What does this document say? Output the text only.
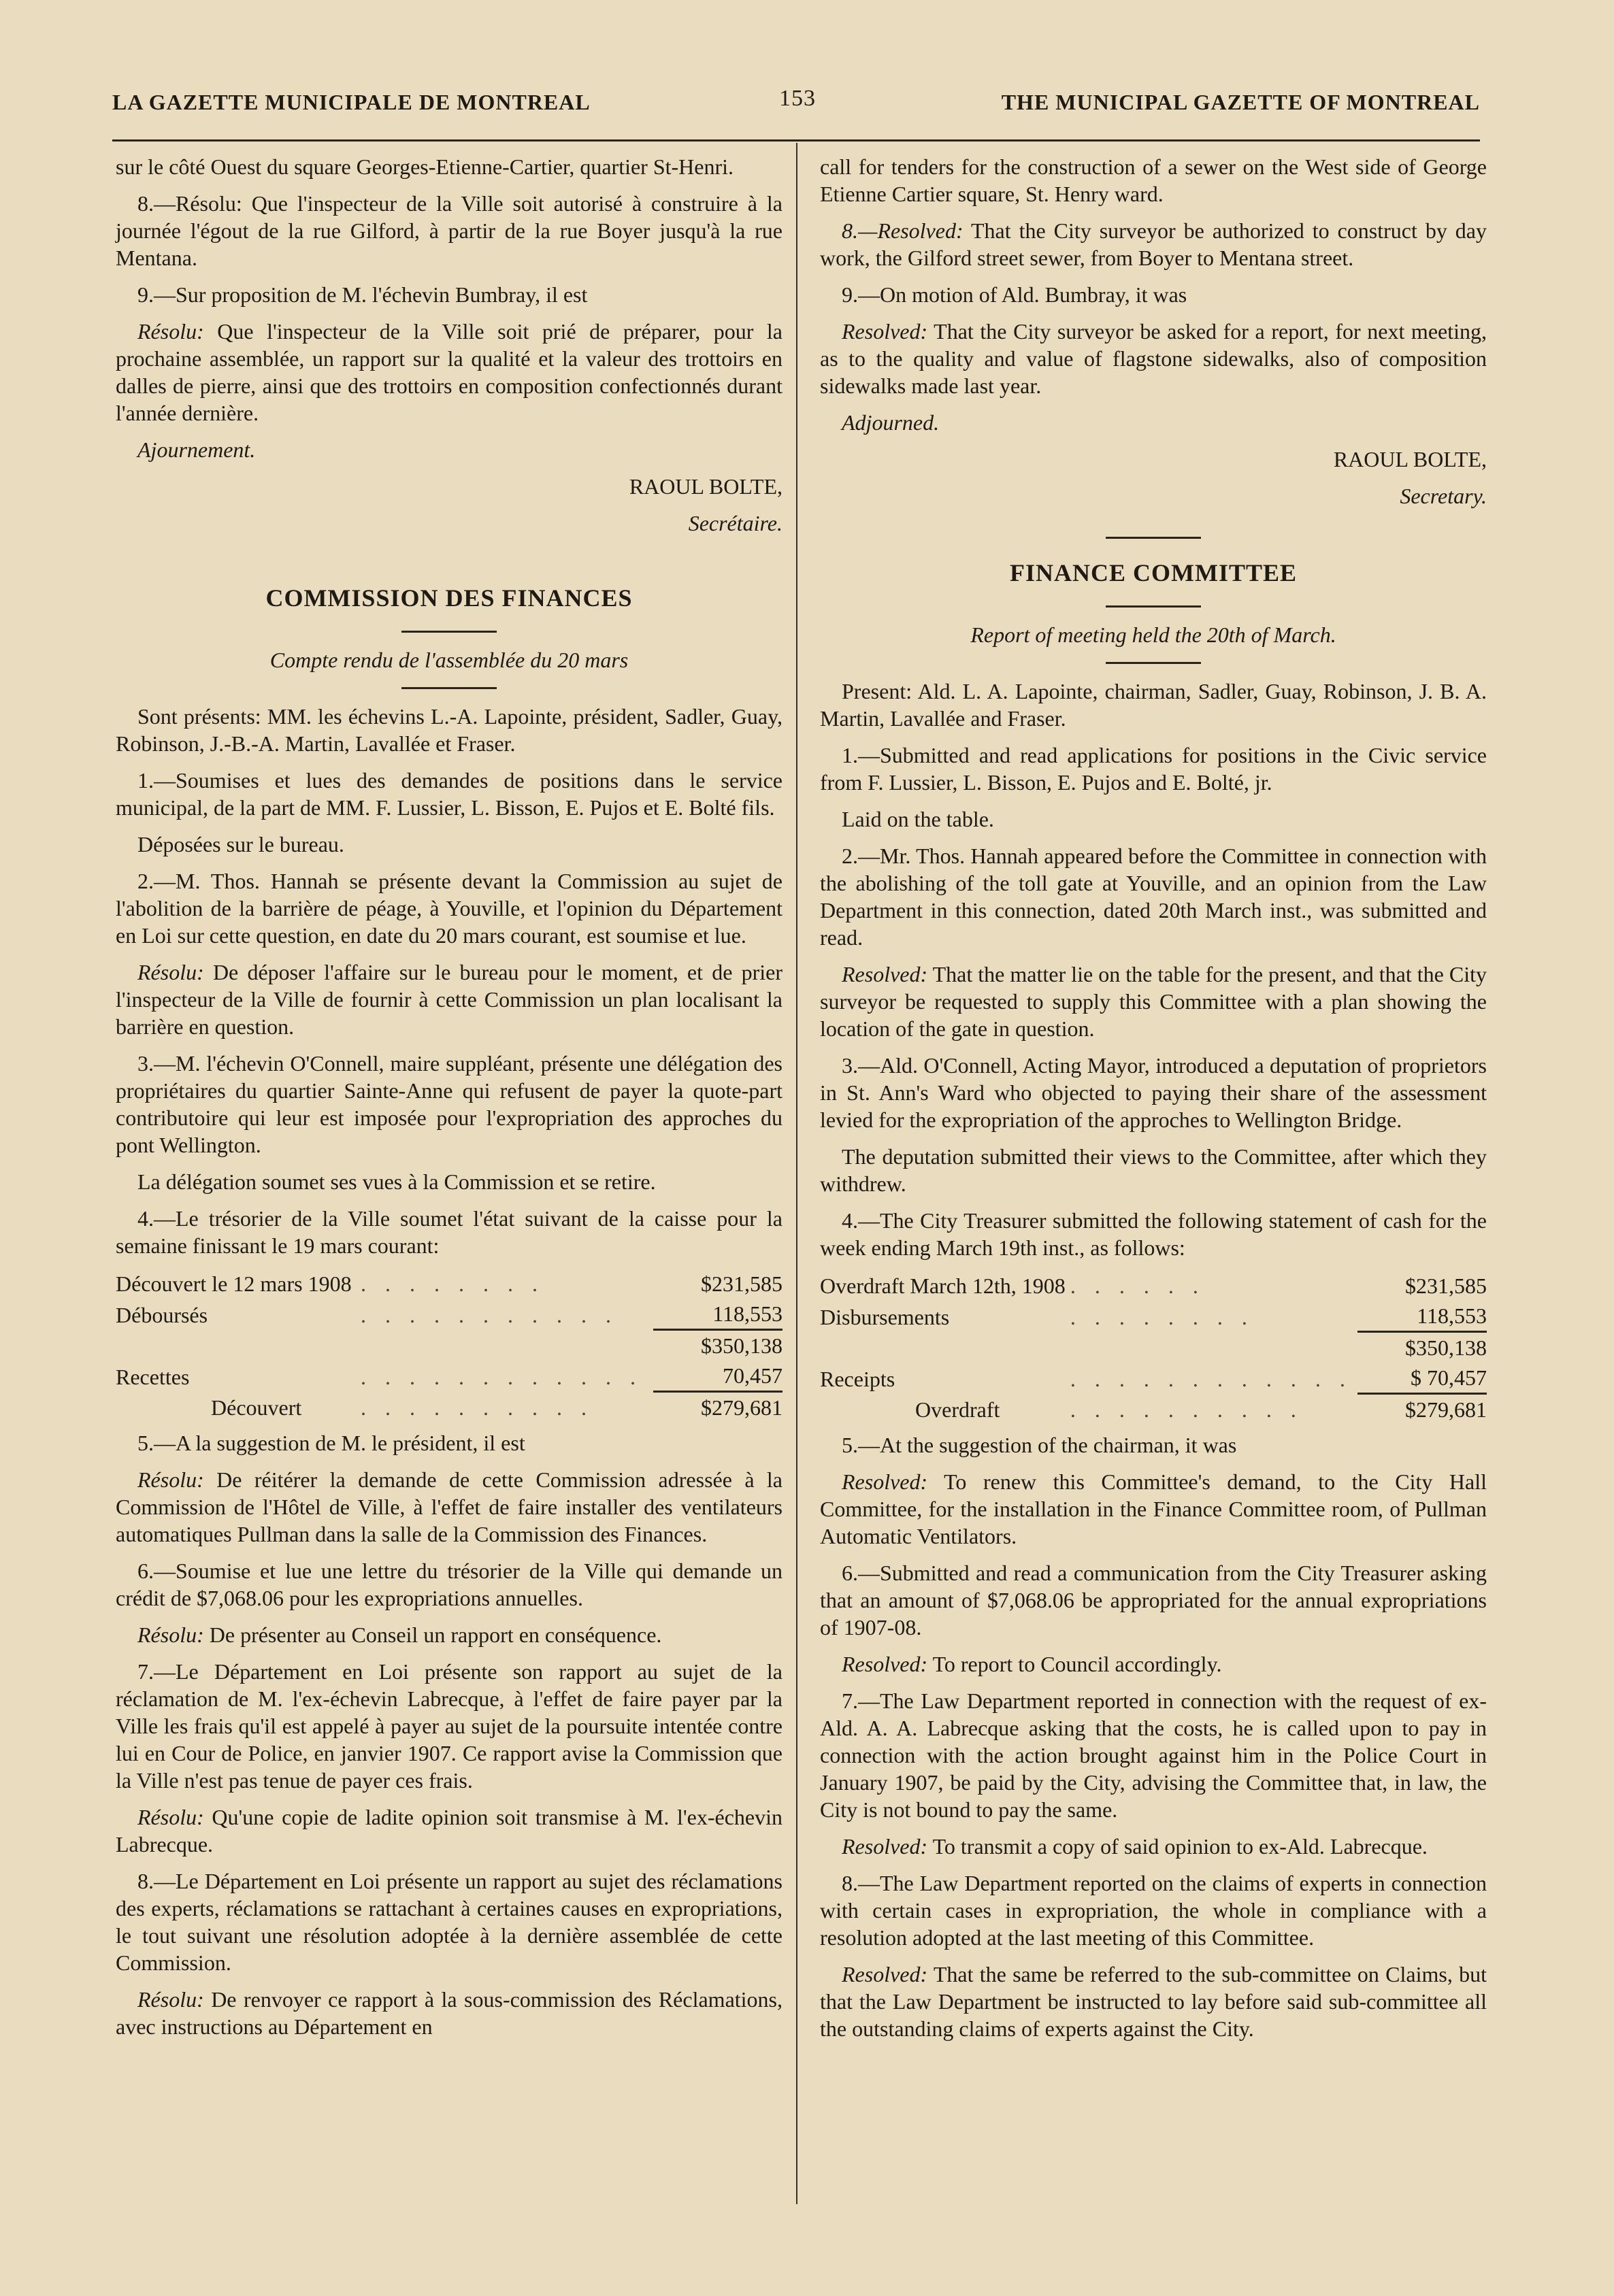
LA GAZETTE MUNICIPALE DE MONTREAL	153	THE MUNICIPAL GAZETTE OF MONTREAL

sur le côté Ouest du square Georges-Etienne-Cartier, quartier St-Henri.

8.—Résolu: Que l'inspecteur de la Ville soit autorisé à construire à la journée l'égout de la rue Gilford, à partir de la rue Boyer jusqu'à la rue Mentana.

9.—Sur proposition de M. l'échevin Bumbray, il est

Résolu: Que l'inspecteur de la Ville soit prié de préparer, pour la prochaine assemblée, un rapport sur la qualité et la valeur des trottoirs en dalles de pierre, ainsi que des trottoirs en composition confectionnés durant l'année dernière.

Ajournement.

RAOUL BOLTE,

Secrétaire.

COMMISSION DES FINANCES
Compte rendu de l'assemblée du 20 mars

Sont présents: MM. les échevins L.-A. Lapointe, président, Sadler, Guay, Robinson, J.-B.-A. Martin, Lavallée et Fraser.

1.—Soumises et lues des demandes de positions dans le service municipal, de la part de MM. F. Lussier, L. Bisson, E. Pujos et E. Bolté fils.

Déposées sur le bureau.

2.—M. Thos. Hannah se présente devant la Commission au sujet de l'abolition de la barrière de péage, à Youville, et l'opinion du Département en Loi sur cette question, en date du 20 mars courant, est soumise et lue.

Résolu: De déposer l'affaire sur le bureau pour le moment, et de prier l'inspecteur de la Ville de fournir à cette Commission un plan localisant la barrière en question.

3.—M. l'échevin O'Connell, maire suppléant, présente une délégation des propriétaires du quartier Sainte-Anne qui refusent de payer la quote-part contributoire qui leur est imposée pour l'expropriation des approches du pont Wellington.

La délégation soumet ses vues à la Commission et se retire.

4.—Le trésorier de la Ville soumet l'état suivant de la caisse pour la semaine finissant le 19 mars courant:

Découvert le 12 mars 1908	. . . . . . . .	$231,585
Déboursés	. . . . . . . . . . .	118,553
		$350,138
Recettes	. . . . . . . . . . . .	70,457
Découvert	. . . . . . . . . .	$279,681

5.—A la suggestion de M. le président, il est

Résolu: De réitérer la demande de cette Commission adressée à la Commission de l'Hôtel de Ville, à l'effet de faire installer des ventilateurs automatiques Pullman dans la salle de la Commission des Finances.

6.—Soumise et lue une lettre du trésorier de la Ville qui demande un crédit de $7,068.06 pour les expropriations annuelles.

Résolu: De présenter au Conseil un rapport en conséquence.

7.—Le Département en Loi présente son rapport au sujet de la réclamation de M. l'ex-échevin Labrecque, à l'effet de faire payer par la Ville les frais qu'il est appelé à payer au sujet de la poursuite intentée contre lui en Cour de Police, en janvier 1907. Ce rapport avise la Commission que la Ville n'est pas tenue de payer ces frais.

Résolu: Qu'une copie de ladite opinion soit transmise à M. l'ex-échevin Labrecque.

8.—Le Département en Loi présente un rapport au sujet des réclamations des experts, réclamations se rattachant à certaines causes en expropriations, le tout suivant une résolution adoptée à la dernière assemblée de cette Commission.

Résolu: De renvoyer ce rapport à la sous-commission des Réclamations, avec instructions au Département en

call for tenders for the construction of a sewer on the West side of George Etienne Cartier square, St. Henry ward.

8.—Resolved: That the City surveyor be authorized to construct by day work, the Gilford street sewer, from Boyer to Mentana street.

9.—On motion of Ald. Bumbray, it was

Resolved: That the City surveyor be asked for a report, for next meeting, as to the quality and value of flagstone sidewalks, also of composition sidewalks made last year.

Adjourned.

RAOUL BOLTE,

Secretary.

FINANCE COMMITTEE
Report of meeting held the 20th of March.

Present: Ald. L. A. Lapointe, chairman, Sadler, Guay, Robinson, J. B. A. Martin, Lavallée and Fraser.

1.—Submitted and read applications for positions in the Civic service from F. Lussier, L. Bisson, E. Pujos and E. Bolté, jr.

Laid on the table.

2.—Mr. Thos. Hannah appeared before the Committee in connection with the abolishing of the toll gate at Youville, and an opinion from the Law Department in this connection, dated 20th March inst., was submitted and read.

Resolved: That the matter lie on the table for the present, and that the City surveyor be requested to supply this Committee with a plan showing the location of the gate in question.

3.—Ald. O'Connell, Acting Mayor, introduced a deputation of proprietors in St. Ann's Ward who objected to paying their share of the assessment levied for the expropriation of the approches to Wellington Bridge.

The deputation submitted their views to the Committee, after which they withdrew.

4.—The City Treasurer submitted the following statement of cash for the week ending March 19th inst., as follows:

Overdraft March 12th, 1908	. . . . . .	$231,585
Disbursements	. . . . . . . .	118,553
		$350,138
Receipts	. . . . . . . . . . . .	$ 70,457
Overdraft	. . . . . . . . . .	$279,681

5.—At the suggestion of the chairman, it was

Resolved: To renew this Committee's demand, to the City Hall Committee, for the installation in the Finance Committee room, of Pullman Automatic Ventilators.

6.—Submitted and read a communication from the City Treasurer asking that an amount of $7,068.06 be appropriated for the annual expropriations of 1907-08.

Resolved: To report to Council accordingly.

7.—The Law Department reported in connection with the request of ex-Ald. A. A. Labrecque asking that the costs, he is called upon to pay in connection with the action brought against him in the Police Court in January 1907, be paid by the City, advising the Committee that, in law, the City is not bound to pay the same.

Resolved: To transmit a copy of said opinion to ex-Ald. Labrecque.

8.—The Law Department reported on the claims of experts in connection with certain cases in expropriation, the whole in compliance with a resolution adopted at the last meeting of this Committee.

Resolved: That the same be referred to the sub-committee on Claims, but that the Law Department be instructed to lay before said sub-committee all the outstanding claims of experts against the City.
